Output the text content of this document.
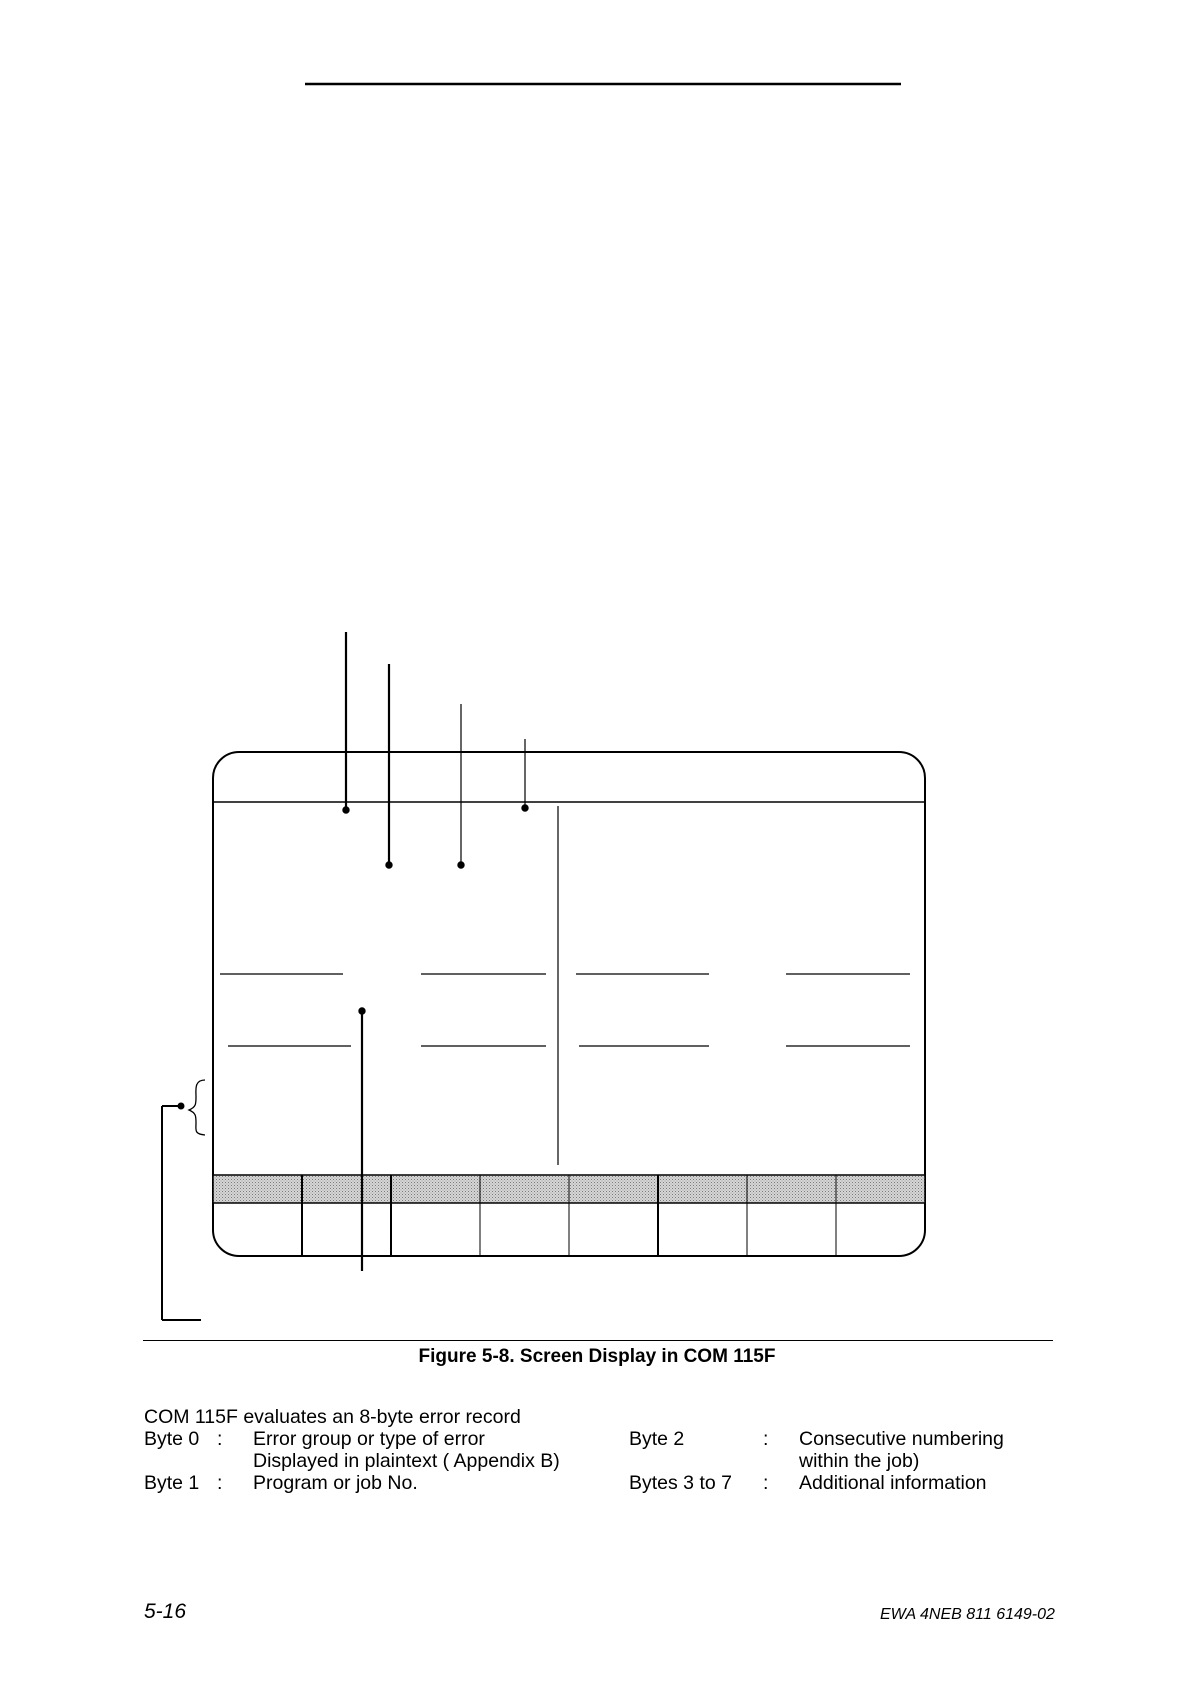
Figure 5-8. Screen Display in COM 115F
COM 115F evaluates an 8-byte error record
Byte 0 : Error group or type of error
Displayed in plaintext ( Appendix B)
Byte 1 : Program or job No.
Byte 2	: Consecutive numbering
within the job)
Bytes 3 to 7 : Additional information
5-16	EWA 4NEB 811 6149-02
